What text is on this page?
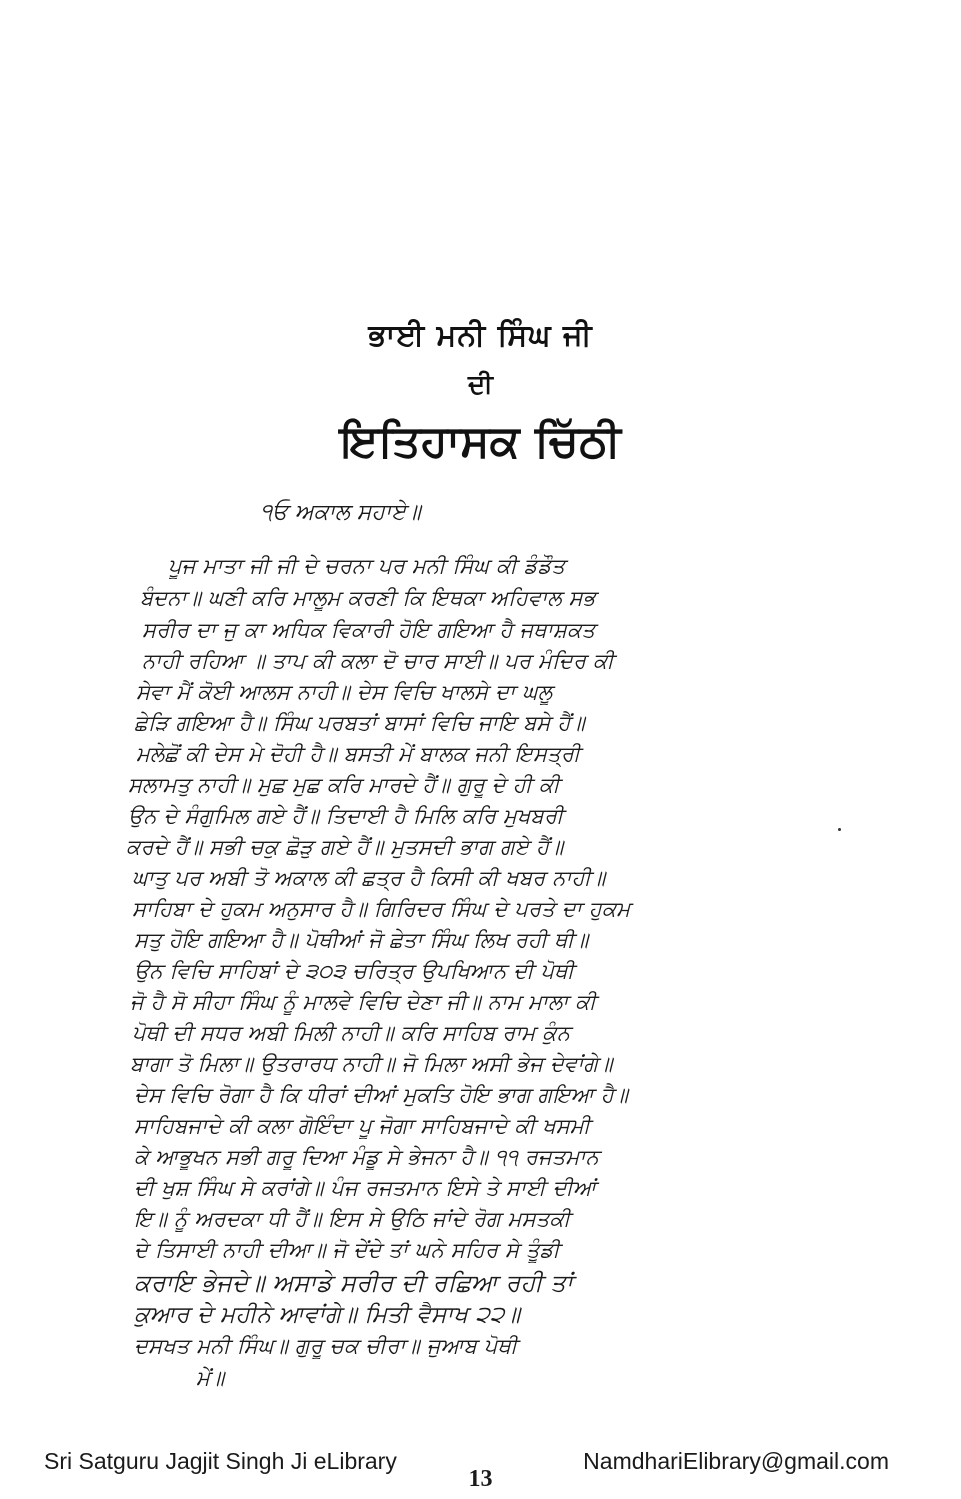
ਭਾਈ ਮਨੀ ਸਿੰਘ ਜੀ
ਦੀ
ਇਤਿਹਾਸਕ ਚਿੱਠੀ
੧ਓ ਅਕਾਲ ਸਹਾਏ॥
ਪੂਜ ਮਾਤਾ ਜੀ ਜੀ ਦੇ ਚਰਨਾ ਪਰ ਮਨੀ ਸਿੰਘ ਕੀ ਡੰਡੌਤ
ਬੰਦਨਾ॥ ਘਣੀ ਕਰਿ ਮਾਲੂਮ ਕਰਣੀ ਕਿ ਇਥਕਾ ਅਹਿਵਾਲ ਸਭ
ਸਰੀਰ ਦਾ ਜੁ ਕਾ ਅਧਿਕ ਵਿਕਾਰੀ ਹੋਇ ਗਇਆ ਹੈ ਜਥਾਸ਼ਕਤ
ਨਾਹੀ ਰਹਿਆ ॥ ਤਾਪ ਕੀ ਕਲਾ ਦੋ ਚਾਰ ਸਾਈ॥ ਪਰ ਮੰਦਿਰ ਕੀ
ਸੇਵਾ ਮੈਂ ਕੋਈ ਆਲਸ ਨਾਹੀ॥ ਦੇਸ ਵਿਚਿ ਖਾਲਸੇ ਦਾ ਘਲੂ
ਛੇੜਿ ਗਇਆ ਹੈ॥ ਸਿੰਘ ਪਰਬਤਾਂ ਬਾਸਾਂ ਵਿਚਿ ਜਾਇ ਬਸੇ ਹੈਂ॥
ਮਲੇਛੋਂ ਕੀ ਦੇਸ ਮੇ ਦੋਹੀ ਹੈ॥ ਬਸਤੀ ਮੇਂ ਬਾਲਕ ਜਨੀ ਇਸਤ੍ਰੀ
ਸਲਾਮਤੁ ਨਾਹੀ॥ ਮੁਛ ਮੁਛ ਕਰਿ ਮਾਰਦੇ ਹੈਂ॥ ਗੁਰੂ ਦੇ ਹੀ ਕੀ
ਉਨ ਦੇ ਸੰਗੁਮਿਲ ਗਏ ਹੈਂ॥ ਤਿਦਾਈ ਹੈ ਮਿਲਿ ਕਰਿ ਮੁਖਬਰੀ
ਕਰਦੇ ਹੈਂ॥ ਸਭੀ ਚਕੁ ਛੋੜੁ ਗਏ ਹੈਂ॥ ਮੁਤਸਦੀ ਭਾਗ ਗਏ ਹੈਂ॥
ਘਾਤੁ ਪਰ ਅਬੀ ਤੋ ਅਕਾਲ ਕੀ ਛਤ੍ਰ ਹੈ ਕਿਸੀ ਕੀ ਖਬਰ ਨਾਹੀ॥
ਸਾਹਿਬਾ ਦੇ ਹੁਕਮ ਅਨੁਸਾਰ ਹੈ॥ ਗਿਰਿਦਰ ਸਿੰਘ ਦੇ ਪਰਤੇ ਦਾ ਹੁਕਮ
ਸਤੁ ਹੋਇ ਗਇਆ ਹੈ॥ ਪੋਥੀਆਂ ਜੋ ਛੇਤਾ ਸਿੰਘ ਲਿਖ ਰਹੀ ਥੀ॥
ਉਨ ਵਿਚਿ ਸਾਹਿਬਾਂ ਦੇ ੩੦੩ ਚਰਿਤ੍ਰ ਉਪਖਿਆਨ ਦੀ ਪੋਥੀ
ਜੋ ਹੈ ਸੋ ਸੀਹਾ ਸਿੰਘ ਨੂੰ ਮਾਲਵੇ ਵਿਚਿ ਦੇਣਾ ਜੀ॥ ਨਾਮ ਮਾਲਾ ਕੀ
ਪੋਥੀ ਦੀ ਸਧਰ ਅਬੀ ਮਿਲੀ ਨਾਹੀ॥ ਕਰਿ ਸਾਹਿਬ ਰਾਮ ਕੁੰਨ
ਬਾਗਾ ਤੋ ਮਿਲਾ॥ ਉਤਰਾਰਧ ਨਾਹੀ॥ ਜੋ ਮਿਲਾ ਅਸੀ ਭੇਜ ਦੇਵਾਂਗੇ॥
ਦੇਸ ਵਿਚਿ ਰੋਗਾ ਹੈ ਕਿ ਧੀਰਾਂ ਦੀਆਂ ਮੁਕਤਿ ਹੋਇ ਭਾਗ ਗਇਆ ਹੈ॥
ਸਾਹਿਬਜਾਦੇ ਕੀ ਕਲਾ ਗੋਇੰਦਾ ਪੂ ਜੋਗਾ ਸਾਹਿਬਜਾਦੇ ਕੀ ਖਸਮੀ
ਕੇ ਆਭੂਖਨ ਸਭੀ ਗਰੂ ਦਿਆ ਮੰਡੂ ਸੇ ਭੇਜਨਾ ਹੈ॥ ੧੧ ਰਜਤਮਾਨ
ਦੀ ਖੁਸ਼ ਸਿੰਘ ਸੇ ਕਰਾਂਗੇ॥ ਪੰਜ ਰਜਤਮਾਨ ਇਸੇ ਤੇ ਸਾਈ ਦੀਆਂ
ਇ॥ ਨੂੰ ਅਰਦਕਾ ਧੀ ਹੈਂ॥ ਇਸ ਸੇ ਉਠਿ ਜਾਂਦੇ ਰੋਗ ਮਸਤਕੀ
ਦੇ ਤਿਸਾਈ ਨਾਹੀ ਦੀਆ॥ ਜੋ ਦੇਂਦੇ ਤਾਂ ਘਨੇ ਸਹਿਰ ਸੇ ਤੂੰਡੀ
ਕਰਾਇ ਭੇਜਦੇ॥ ਅਸਾਡੇ ਸਰੀਰ ਦੀ ਰਛਿਆ ਰਹੀ ਤਾਂ
ਕੁਆਰ ਦੇ ਮਹੀਨੇ ਆਵਾਂਗੇ॥ ਮਿਤੀ ਵੈਸਾਖ ੨੨॥
ਦਸਖਤ ਮਨੀ ਸਿੰਘ॥ ਗੁਰੂ ਚਕ ਚੀਰਾ॥ ਜੁਆਬ ਪੋਥੀ
ਮੇਂ॥
Sri Satguru Jagjit Singh Ji eLibrary
13
NamdhariElibrary@gmail.com
